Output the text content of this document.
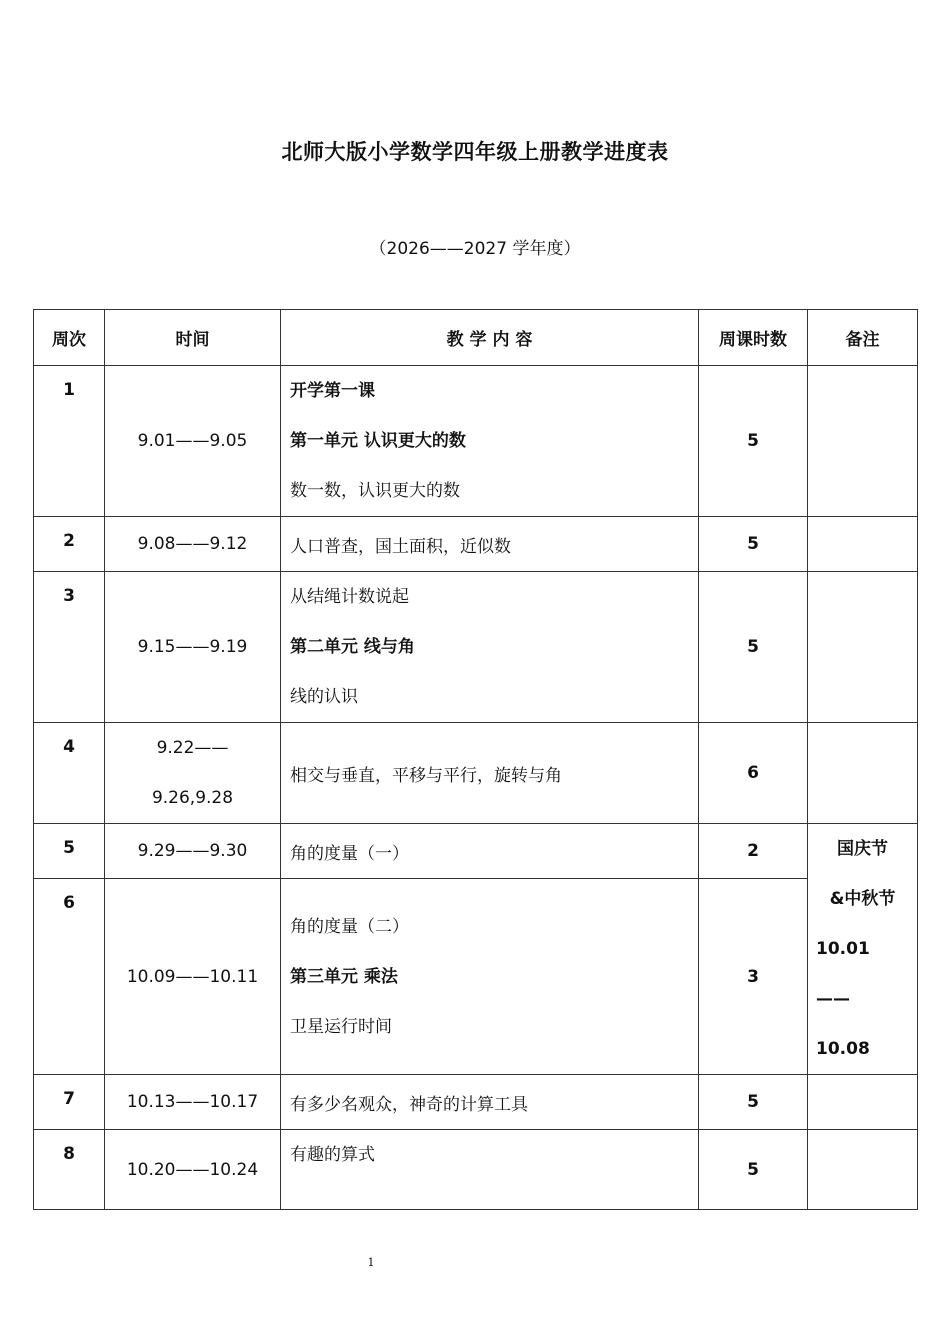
北师大版小学数学四年级上册教学进度表
（2026——2027 学年度）
周次	时间	教 学 内 容	周课时数	备注
1	9.01——9.05	开学第一课
第一单元 认识更大的数
数一数，认识更大的数	5	
2	9.08——9.12	人口普查，国土面积，近似数	5	
3	9.15——9.19	从结绳计数说起
第二单元 线与角
线的认识	5	
4	9.22——
9.26,9.28	相交与垂直，平移与平行，旋转与角	6	
5	9.29——9.30	角的度量（一）	2	国庆节
&中秋节
10.01
——
10.08

6	10.09——10.11	角的度量（二）
第三单元 乘法
卫星运行时间	3	
7	10.13——10.17	有多少名观众，神奇的计算工具	5	
8	10.20——10.24	有趣的算式	5	
1
